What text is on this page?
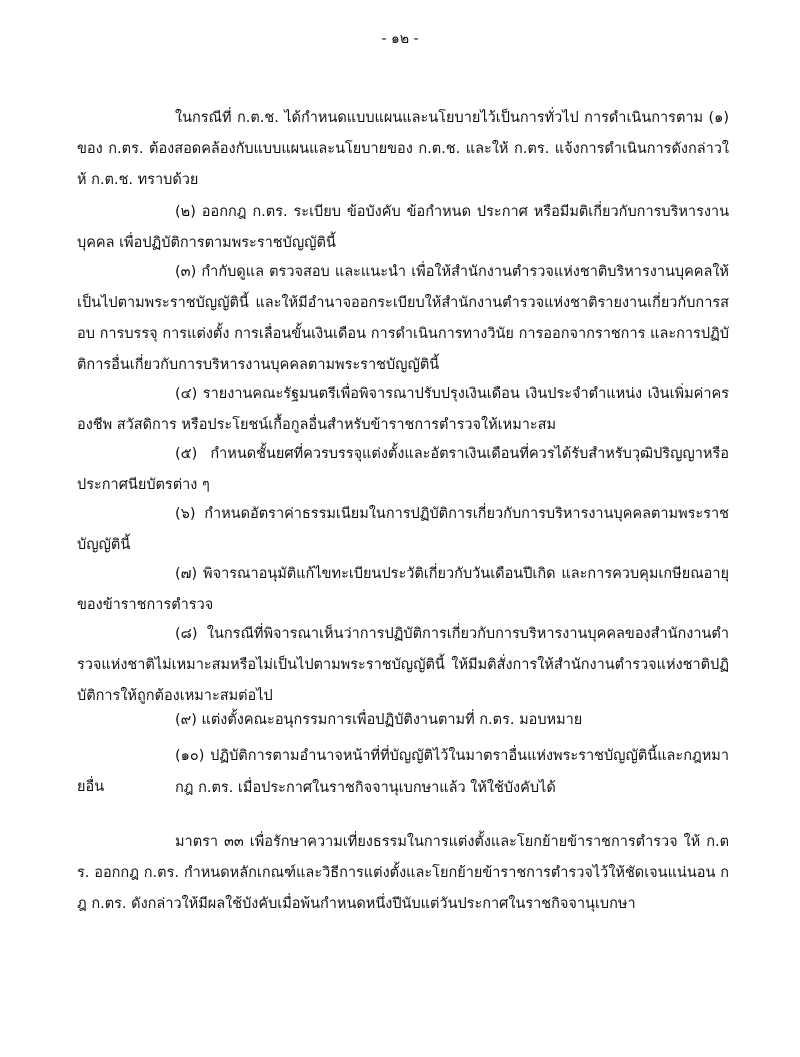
- ๑๒ -

ในกรณีที่ ก.ต.ช. ได้กำหนดแบบแผนและนโยบายไว้เป็นการทั่วไป การดำเนินการตาม (๑) ของ ก.ตร. ต้องสอดคล้องกับแบบแผนและนโยบายของ ก.ต.ช. และให้ ก.ตร. แจ้งการดำเนินการดังกล่าวให้ ก.ต.ช. ทราบด้วย

(๒) ออกกฎ ก.ตร. ระเบียบ ข้อบังคับ ข้อกำหนด ประกาศ หรือมีมติเกี่ยวกับการบริหารงานบุคคล เพื่อปฏิบัติการตามพระราชบัญญัตินี้

(๓) กำกับดูแล ตรวจสอบ และแนะนำ เพื่อให้สำนักงานตำรวจแห่งชาติบริหารงานบุคคลให้เป็นไปตามพระราชบัญญัตินี้ และให้มีอำนาจออกระเบียบให้สำนักงานตำรวจแห่งชาติรายงานเกี่ยวกับการสอบ การบรรจุ การแต่งตั้ง การเลื่อนขั้นเงินเดือน การดำเนินการทางวินัย การออกจากราชการ และการปฏิบัติการอื่นเกี่ยวกับการบริหารงานบุคคลตามพระราชบัญญัตินี้

(๔) รายงานคณะรัฐมนตรีเพื่อพิจารณาปรับปรุงเงินเดือน เงินประจำตำแหน่ง เงินเพิ่มค่าครองชีพ สวัสดิการ หรือประโยชน์เกื้อกูลอื่นสำหรับข้าราชการตำรวจให้เหมาะสม

(๕) กำหนดชั้นยศที่ควรบรรจุแต่งตั้งและอัตราเงินเดือนที่ควรได้รับสำหรับวุฒิปริญญาหรือประกาศนียบัตรต่าง ๆ

(๖) กำหนดอัตราค่าธรรมเนียมในการปฏิบัติการเกี่ยวกับการบริหารงานบุคคลตามพระราชบัญญัตินี้

(๗) พิจารณาอนุมัติแก้ไขทะเบียนประวัติเกี่ยวกับวันเดือนปีเกิด และการควบคุมเกษียณอายุของข้าราชการตำรวจ

(๘) ในกรณีที่พิจารณาเห็นว่าการปฏิบัติการเกี่ยวกับการบริหารงานบุคคลของสำนักงานตำรวจแห่งชาติไม่เหมาะสมหรือไม่เป็นไปตามพระราชบัญญัตินี้ ให้มีมติสั่งการให้สำนักงานตำรวจแห่งชาติปฏิบัติการให้ถูกต้องเหมาะสมต่อไป

(๙) แต่งตั้งคณะอนุกรรมการเพื่อปฏิบัติงานตามที่ ก.ตร. มอบหมาย

(๑๐) ปฏิบัติการตามอำนาจหน้าที่ที่บัญญัติไว้ในมาตราอื่นแห่งพระราชบัญญัตินี้และกฎหมายอื่น	กฎ ก.ตร. เมื่อประกาศในราชกิจจานุเบกษาแล้ว ให้ใช้บังคับได้

มาตรา ๓๓ เพื่อรักษาความเที่ยงธรรมในการแต่งตั้งและโยกย้ายข้าราชการตำรวจ ให้ ก.ตร. ออกกฎ ก.ตร. กำหนดหลักเกณฑ์และวิธีการแต่งตั้งและโยกย้ายข้าราชการตำรวจไว้ให้ชัดเจนแน่นอน กฎ ก.ตร. ดังกล่าวให้มีผลใช้บังคับเมื่อพ้นกำหนดหนึ่งปีนับแต่วันประกาศในราชกิจจานุเบกษา
